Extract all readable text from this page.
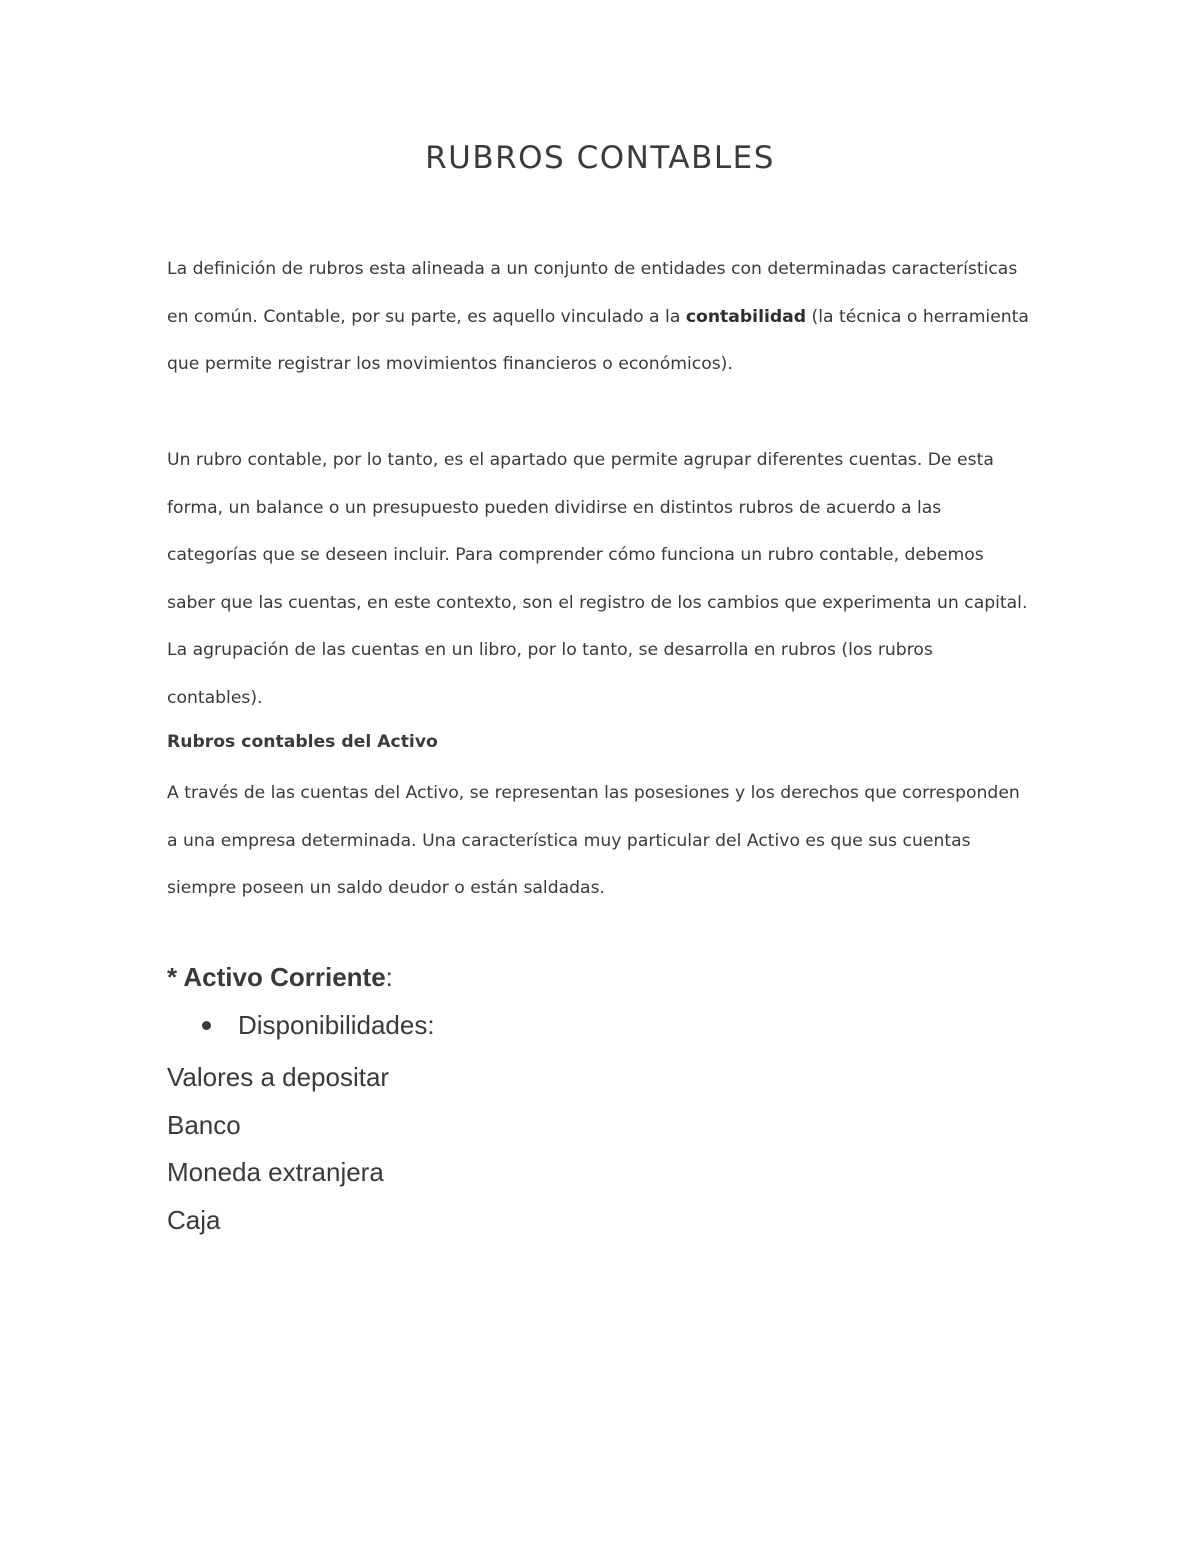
RUBROS CONTABLES

La definición de rubros esta alineada a un conjunto de entidades con determinadas características
en común. Contable, por su parte, es aquello vinculado a la contabilidad (la técnica o herramienta
que permite registrar los movimientos financieros o económicos).

Un rubro contable, por lo tanto, es el apartado que permite agrupar diferentes cuentas. De esta
forma, un balance o un presupuesto pueden dividirse en distintos rubros de acuerdo a las
categorías que se deseen incluir. Para comprender cómo funciona un rubro contable, debemos
saber que las cuentas, en este contexto, son el registro de los cambios que experimenta un capital.
La agrupación de las cuentas en un libro, por lo tanto, se desarrolla en rubros (los rubros
contables).

Rubros contables del Activo

A través de las cuentas del Activo, se representan las posesiones y los derechos que corresponden
a una empresa determinada. Una característica muy particular del Activo es que sus cuentas
siempre poseen un saldo deudor o están saldadas.

* Activo Corriente:

Disponibilidades:
Valores a depositar
Banco
Moneda extranjera
Caja
